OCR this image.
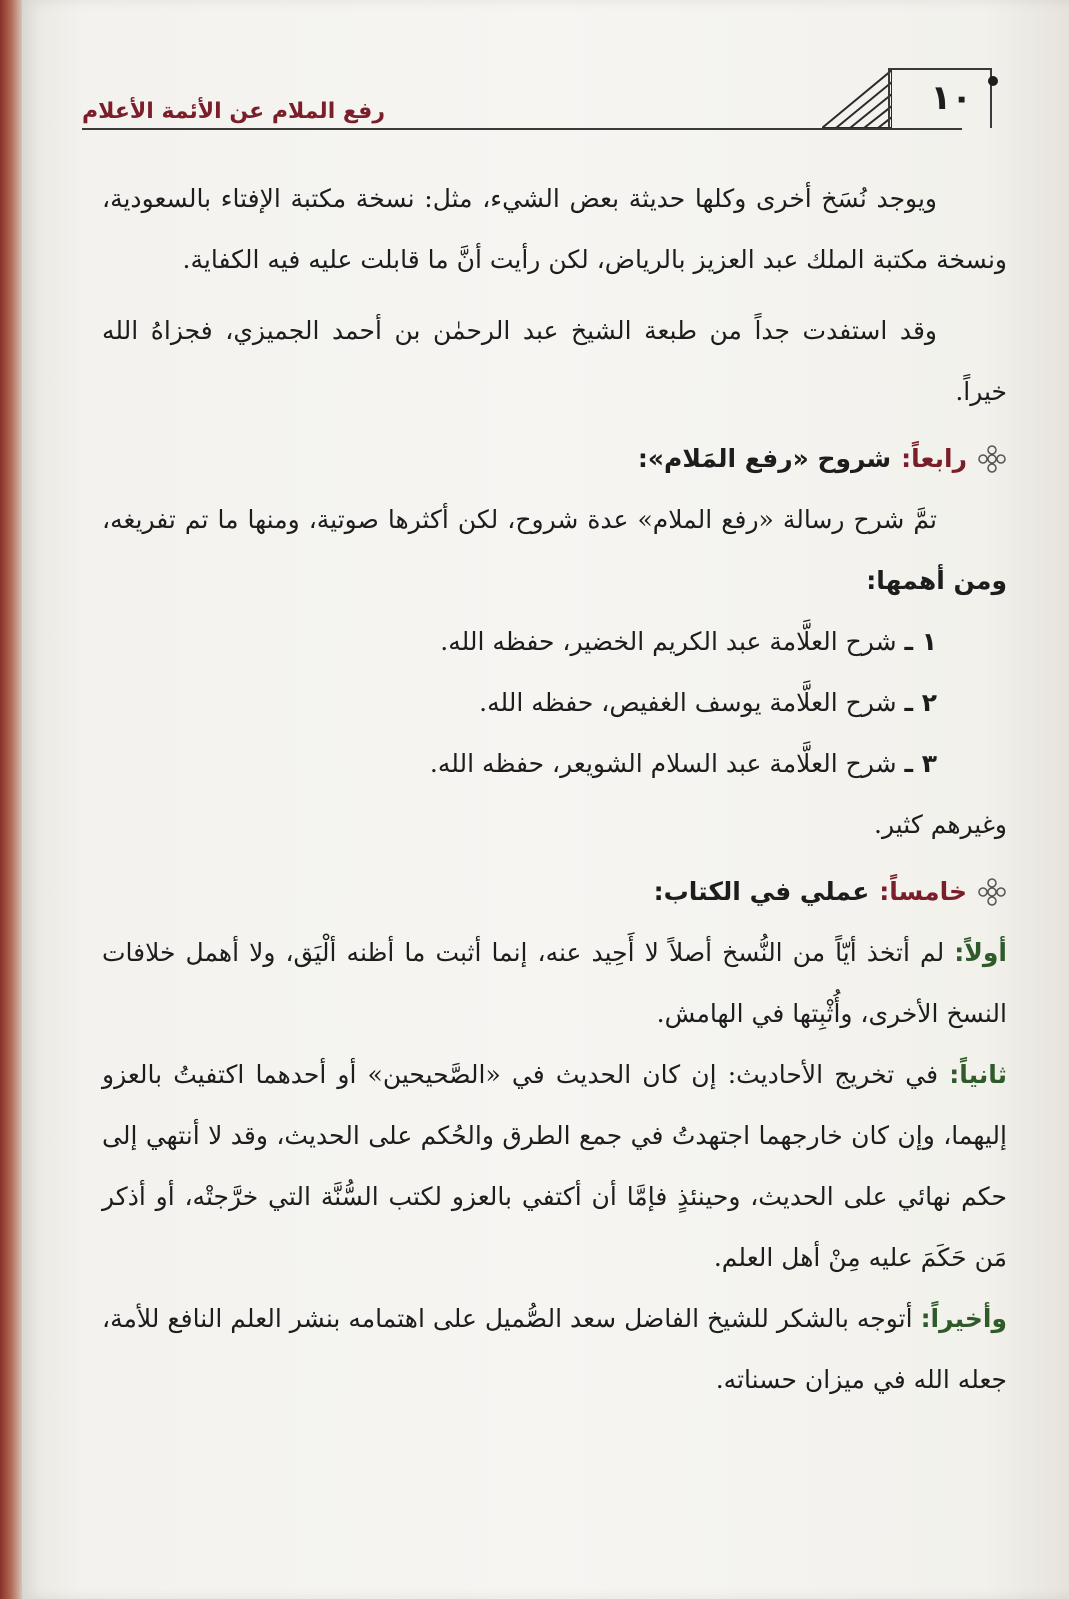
رفع الملام عن الأئمة الأعلام	١٠

ويوجد نُسَخ أخرى وكلها حديثة بعض الشيء، مثل: نسخة مكتبة الإفتاء بالسعودية، ونسخة مكتبة الملك عبد العزيز بالرياض، لكن رأيت أنَّ ما قابلت عليه فيه الكفاية.

وقد استفدت جداً من طبعة الشيخ عبد الرحمٰن بن أحمد الجميزي، فجزاهُ الله خيراً.

رابعاً:
شروح «رفع المَلام»:

تمَّ شرح رسالة «رفع الملام» عدة شروح، لكن أكثرها صوتية، ومنها ما تم تفريغه، ومن أهمها:

١ ـ شرح العلَّامة عبد الكريم الخضير، حفظه الله.

٢ ـ شرح العلَّامة يوسف الغفيص، حفظه الله.

٣ ـ شرح العلَّامة عبد السلام الشويعر، حفظه الله.

وغيرهم كثير.

خامساً:
عملي في الكتاب:

أولاً: لم أتخذ أيّاً من النُّسخ أصلاً لا أَحِيد عنه، إنما أثبت ما أظنه ألْيَق، ولا أهمل خلافات النسخ الأخرى، وأُثْبِتها في الهامش.

ثانياً: في تخريج الأحاديث: إن كان الحديث في «الصَّحيحين» أو أحدهما اكتفيتُ بالعزو إليهما، وإن كان خارجهما اجتهدتُ في جمع الطرق والحُكم على الحديث، وقد لا أنتهي إلى حكم نهائي على الحديث، وحينئذٍ فإمَّا أن أكتفي بالعزو لكتب السُّنَّة التي خرَّجتْه، أو أذكر مَن حَكَمَ عليه مِنْ أهل العلم.

وأخيراً: أتوجه بالشكر للشيخ الفاضل سعد الصُّميل على اهتمامه بنشر العلم النافع للأمة، جعله الله في ميزان حسناته.
